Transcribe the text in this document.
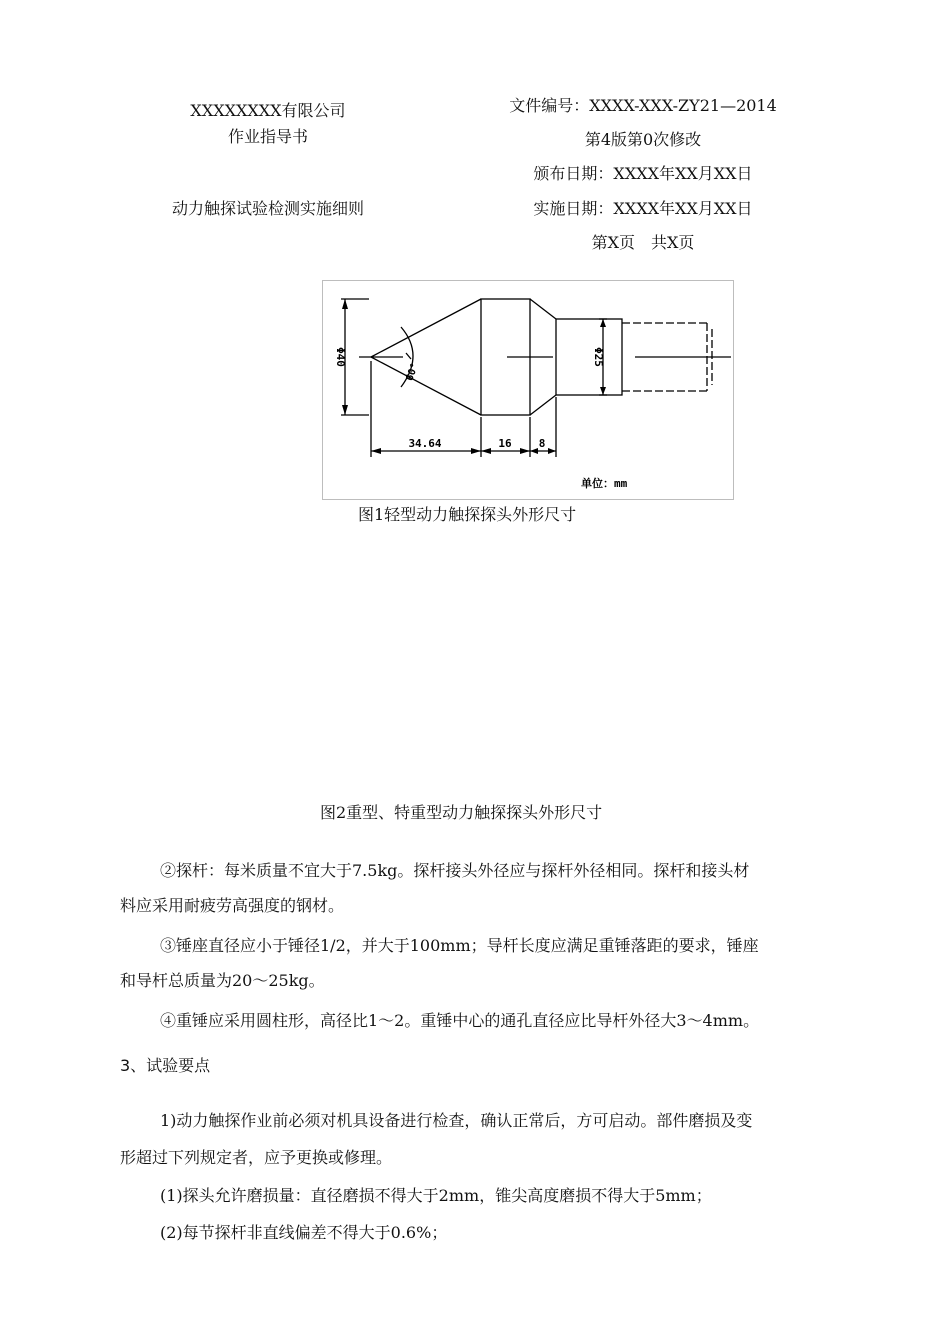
XXXXXXXX有限公司
作业指导书
动力触探试验检测实施细则
文件编号：XXXX-XXX-ZY21—2014
第4版第0次修改
颁布日期：XXXX年XX月XX日
实施日期：XXXX年XX月XX日
第X页　共X页
Φ40	Φ25
60°
34.64	16 8
单位：mm
图1轻型动力触探探头外形尺寸
图2重型、特重型动力触探探头外形尺寸
②探杆：每米质量不宜大于7.5kg。探杆接头外径应与探杆外径相同。探杆和接头材
料应采用耐疲劳高强度的钢材。
③锤座直径应小于锤径1/2，并大于100mm；导杆长度应满足重锤落距的要求，锤座
和导杆总质量为20～25kg。
④重锤应采用圆柱形，高径比1～2。重锤中心的通孔直径应比导杆外径大3～4mm。
3、试验要点
1)动力触探作业前必须对机具设备进行检查，确认正常后，方可启动。部件磨损及变
形超过下列规定者，应予更换或修理。
(1)探头允许磨损量：直径磨损不得大于2mm，锥尖高度磨损不得大于5mm；
(2)每节探杆非直线偏差不得大于0.6%；
